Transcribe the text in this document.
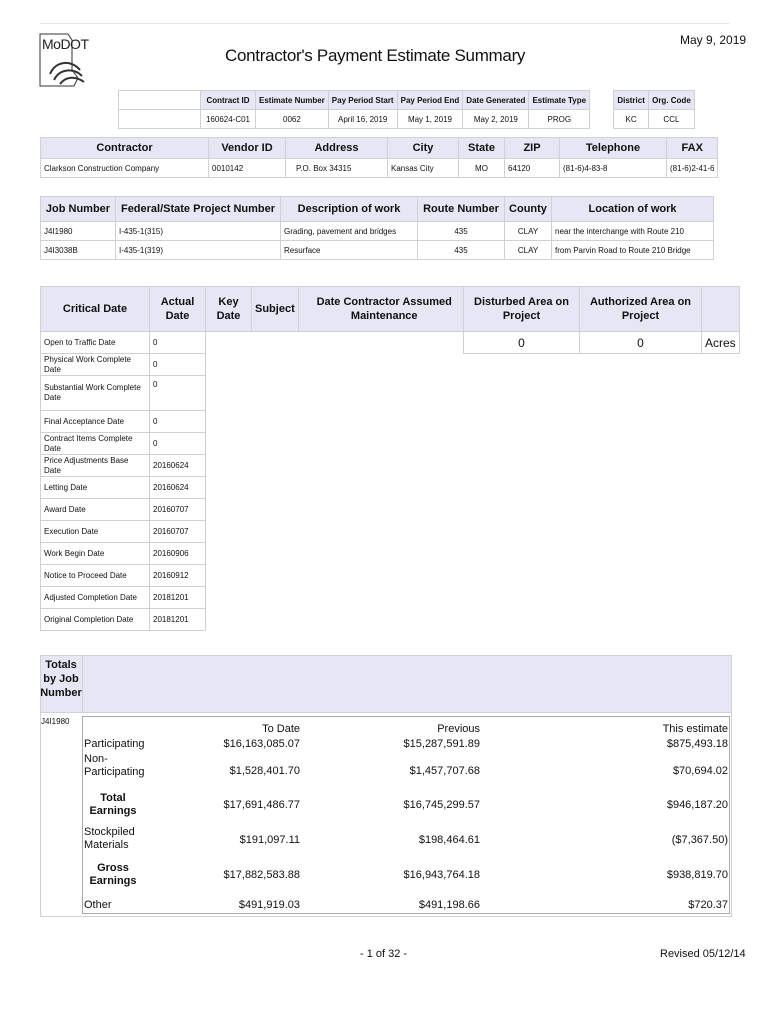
MoDOT
Contractor's Payment Estimate Summary
May 9, 2019
	Contract ID	Estimate Number	Pay Period Start	Pay Period End	Date Generated	Estimate Type		District	Org. Code
	160624-C01	0062	April 16, 2019	May 1, 2019	May 2, 2019	PROG		KC	CCL
Contractor	Vendor ID	Address	City	State	ZIP	Telephone	FAX
Clarkson Construction Company	0010142	P.O. Box 34315	Kansas City	MO	64120	(81-6)4-83-8	(81-6)2-41-6
Job Number	Federal/State Project Number	Description of work	Route Number	County	Location of work
J4I1980	I-435-1(315)	Grading, pavement and bridges	435	CLAY	near the interchange with Route 210
J4I3038B	I-435-1(319)	Resurface	435	CLAY	from Parvin Road to Route 210 Bridge
Critical Date	Actual Date	Key Date	Subject	Date Contractor Assumed Maintenance
Open to Traffic Date	0			
Physical Work Complete Date	0			
Substantial Work Complete Date	0			
Final Acceptance Date	0			
Contract Items Complete Date	0			
Price Adjustments Base Date	20160624			
Letting Date	20160624			
Award Date	20160707			
Execution Date	20160707			
Work Begin Date	20160906			
Notice to Proceed Date	20160912			
Adjusted Completion Date	20181201			
Original Completion Date	20181201			
Disturbed Area on Project	Authorized Area on Project	
0	0	Acres
Totals by Job Number
J4I1980
To Date	Previous	This estimate
Participating	$16,163,085.07	$15,287,591.89	$875,493.18
Non-Participating	$1,528,401.70	$1,457,707.68	$70,694.02
Total Earnings	$17,691,486.77	$16,745,299.57	$946,187.20
Stockpiled Materials	$191,097.11	$198,464.61	($7,367.50)
Gross Earnings	$17,882,583.88	$16,943,764.18	$938,819.70
Other	$491,919.03	$491,198.66	$720.37
- 1 of 32 -	Revised 05/12/14
